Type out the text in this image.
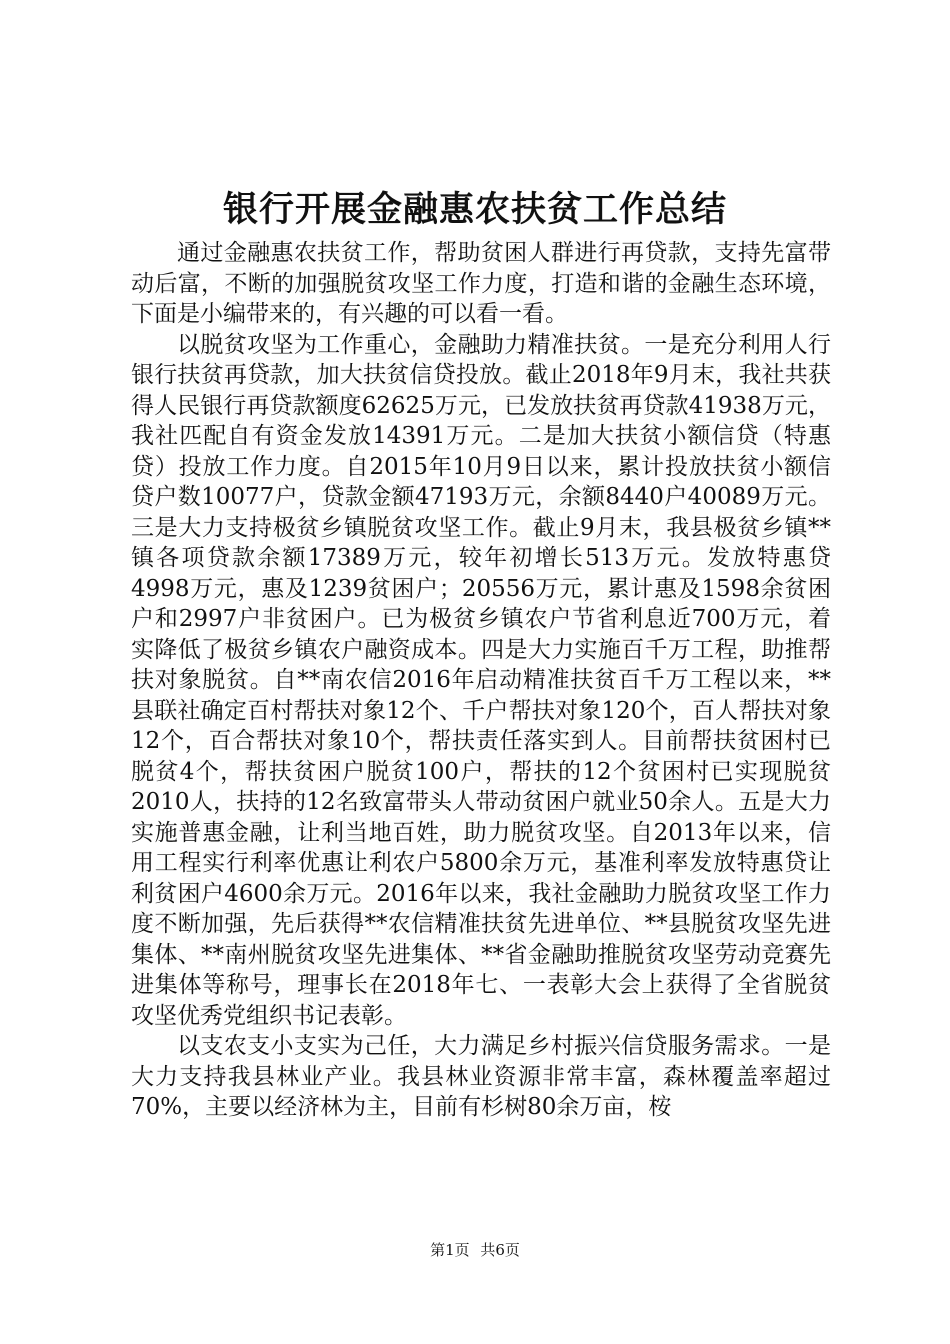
银行开展金融惠农扶贫工作总结

通过金融惠农扶贫工作，帮助贫困人群进行再贷款，支持先富带动后富，不断的加强脱贫攻坚工作力度，打造和谐的金融生态环境，下面是小编带来的，有兴趣的可以看一看。

以脱贫攻坚为工作重心，金融助力精准扶贫。一是充分利用人行银行扶贫再贷款，加大扶贫信贷投放。截止2018年9月末，我社共获得人民银行再贷款额度62625万元，已发放扶贫再贷款41938万元，我社匹配自有资金发放14391万元。二是加大扶贫小额信贷（特惠贷）投放工作力度。自2015年10月9日以来，累计投放扶贫小额信贷户数10077户，贷款金额47193万元，余额8440户40089万元。三是大力支持极贫乡镇脱贫攻坚工作。截止9月末，我县极贫乡镇**镇各项贷款余额17389万元，较年初增长513万元。发放特惠贷4998万元，惠及1239贫困户；20556万元，累计惠及1598余贫困户和2997户非贫困户。已为极贫乡镇农户节省利息近700万元，着实降低了极贫乡镇农户融资成本。四是大力实施百千万工程，助推帮扶对象脱贫。自**南农信2016年启动精准扶贫百千万工程以来，**县联社确定百村帮扶对象12个、千户帮扶对象120个，百人帮扶对象12个，百合帮扶对象10个，帮扶责任落实到人。目前帮扶贫困村已脱贫4个，帮扶贫困户脱贫100户，帮扶的12个贫困村已实现脱贫2010人，扶持的12名致富带头人带动贫困户就业50余人。五是大力实施普惠金融，让利当地百姓，助力脱贫攻坚。自2013年以来，信用工程实行利率优惠让利农户5800余万元，基准利率发放特惠贷让利贫困户4600余万元。2016年以来，我社金融助力脱贫攻坚工作力度不断加强，先后获得**农信精准扶贫先进单位、**县脱贫攻坚先进集体、**南州脱贫攻坚先进集体、**省金融助推脱贫攻坚劳动竞赛先进集体等称号，理事长在2018年七、一表彰大会上获得了全省脱贫攻坚优秀党组织书记表彰。

以支农支小支实为己任，大力满足乡村振兴信贷服务需求。一是大力支持我县林业产业。我县林业资源非常丰富，森林覆盖率超过70%，主要以经济林为主，目前有杉树80余万亩，桉

第1页 共6页
